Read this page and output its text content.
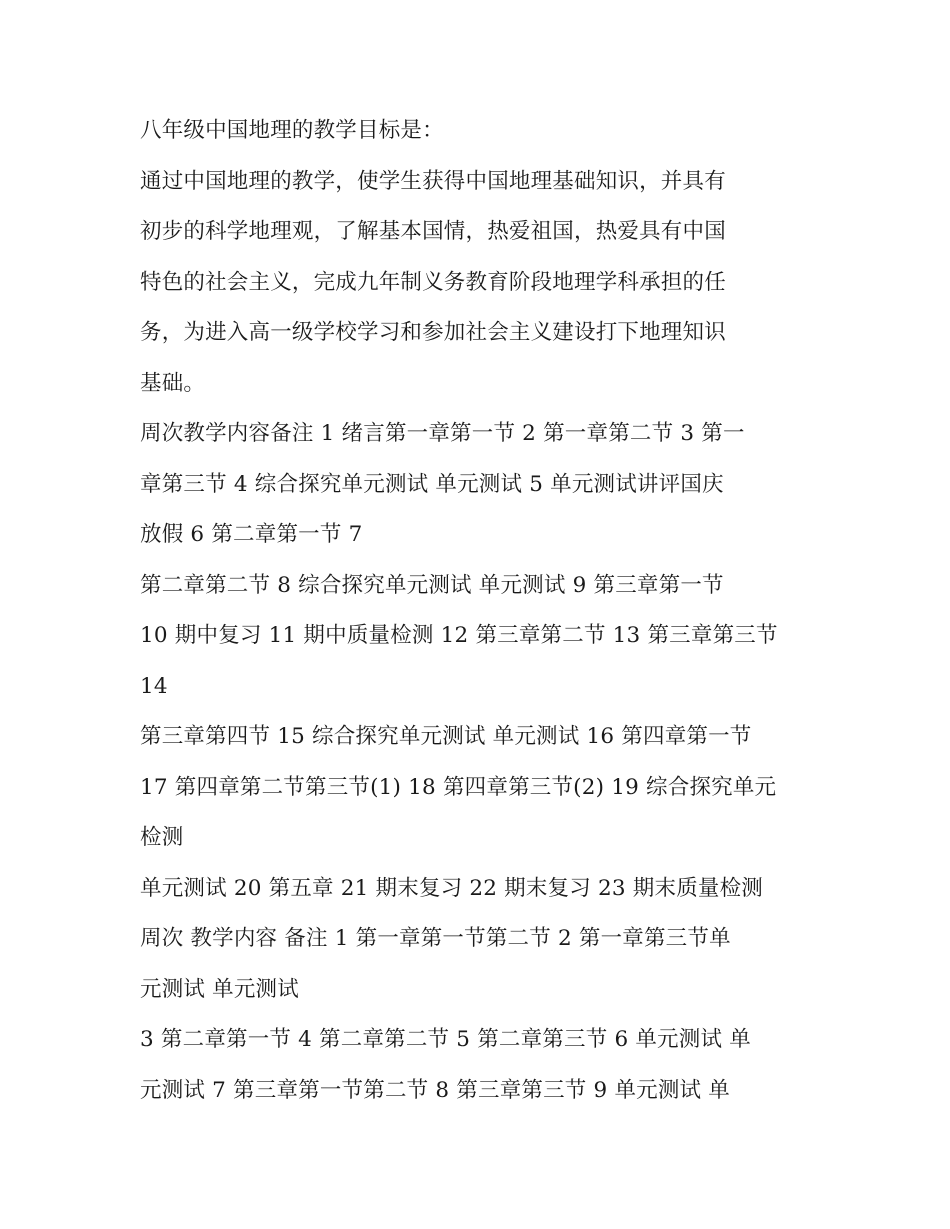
八年级中国地理的教学目标是：
通过中国地理的教学，使学生获得中国地理基础知识，并具有
初步的科学地理观，了解基本国情，热爱祖国，热爱具有中国
特色的社会主义，完成九年制义务教育阶段地理学科承担的任
务，为进入高一级学校学习和参加社会主义建设打下地理知识
基础。
周次教学内容备注 1 绪言第一章第一节 2 第一章第二节 3 第一
章第三节 4 综合探究单元测试 单元测试 5 单元测试讲评国庆
放假 6 第二章第一节 7
第二章第二节 8 综合探究单元测试 单元测试 9 第三章第一节
10 期中复习 11 期中质量检测 12 第三章第二节 13 第三章第三节
14
第三章第四节 15 综合探究单元测试 单元测试 16 第四章第一节
17 第四章第二节第三节(1) 18 第四章第三节(2) 19 综合探究单元
检测
单元测试 20 第五章 21 期末复习 22 期末复习 23 期末质量检测
周次 教学内容 备注 1 第一章第一节第二节 2 第一章第三节单
元测试 单元测试
3 第二章第一节 4 第二章第二节 5 第二章第三节 6 单元测试 单
元测试 7 第三章第一节第二节 8 第三章第三节 9 单元测试 单
